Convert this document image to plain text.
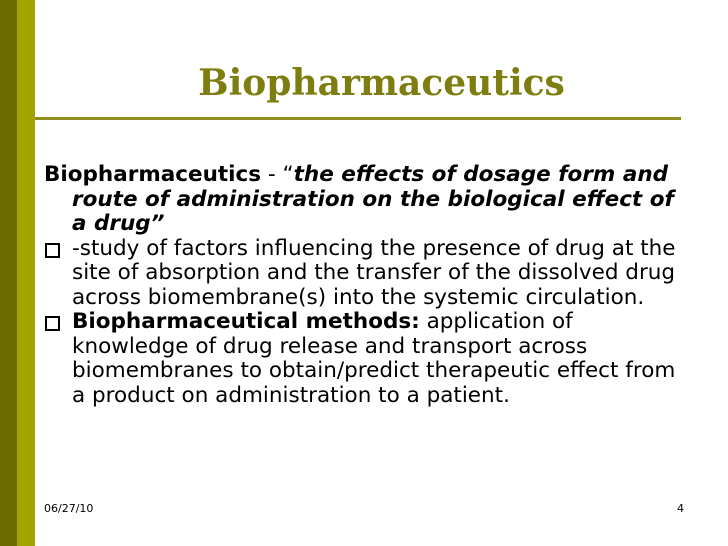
Biopharmaceutics

Biopharmaceutics - “the effects of dosage form and route of administration on the biological effect of a drug”

-study of factors influencing the presence of drug at the site of absorption and the transfer of the dissolved drug across biomembrane(s) into the systemic circulation.

Biopharmaceutical methods: application of knowledge of drug release and transport across biomembranes to obtain/predict therapeutic effect from a product on administration to a patient.

06/27/10	4
